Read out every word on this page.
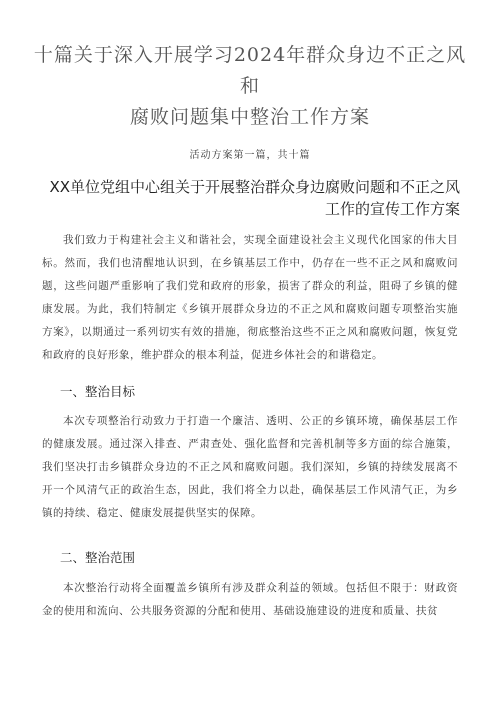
十篇关于深入开展学习2024年群众身边不正之风和
腐败问题集中整治工作方案
活动方案第一篇，共十篇
XX单位党组中心组关于开展整治群众身边腐败问题和不正之风
工作的宣传工作方案
我们致力于构建社会主义和谐社会，实现全面建设社会主义现代化国家的伟大目标。然而，我们也清醒地认识到，在乡镇基层工作中，仍存在一些不正之风和腐败问题，这些问题严重影响了我们党和政府的形象，损害了群众的利益，阻碍了乡镇的健康发展。为此，我们特制定《乡镇开展群众身边的不正之风和腐败问题专项整治实施方案》，以期通过一系列切实有效的措施，彻底整治这些不正之风和腐败问题，恢复党和政府的良好形象，维护群众的根本利益，促进乡体社会的和谐稳定。
一、整治目标
本次专项整治行动致力于打造一个廉洁、透明、公正的乡镇环境，确保基层工作的健康发展。通过深入排查、严肃查处、强化监督和完善机制等多方面的综合施策，我们坚决打击乡镇群众身边的不正之风和腐败问题。我们深知，乡镇的持续发展离不开一个风清气正的政治生态，因此，我们将全力以赴，确保基层工作风清气正，为乡镇的持续、稳定、健康发展提供坚实的保障。
二、整治范围
本次整治行动将全面覆盖乡镇所有涉及群众利益的领域。包括但不限于：财政资金的使用和流向、公共服务资源的分配和使用、基础设施建设的进度和质量、扶贫
